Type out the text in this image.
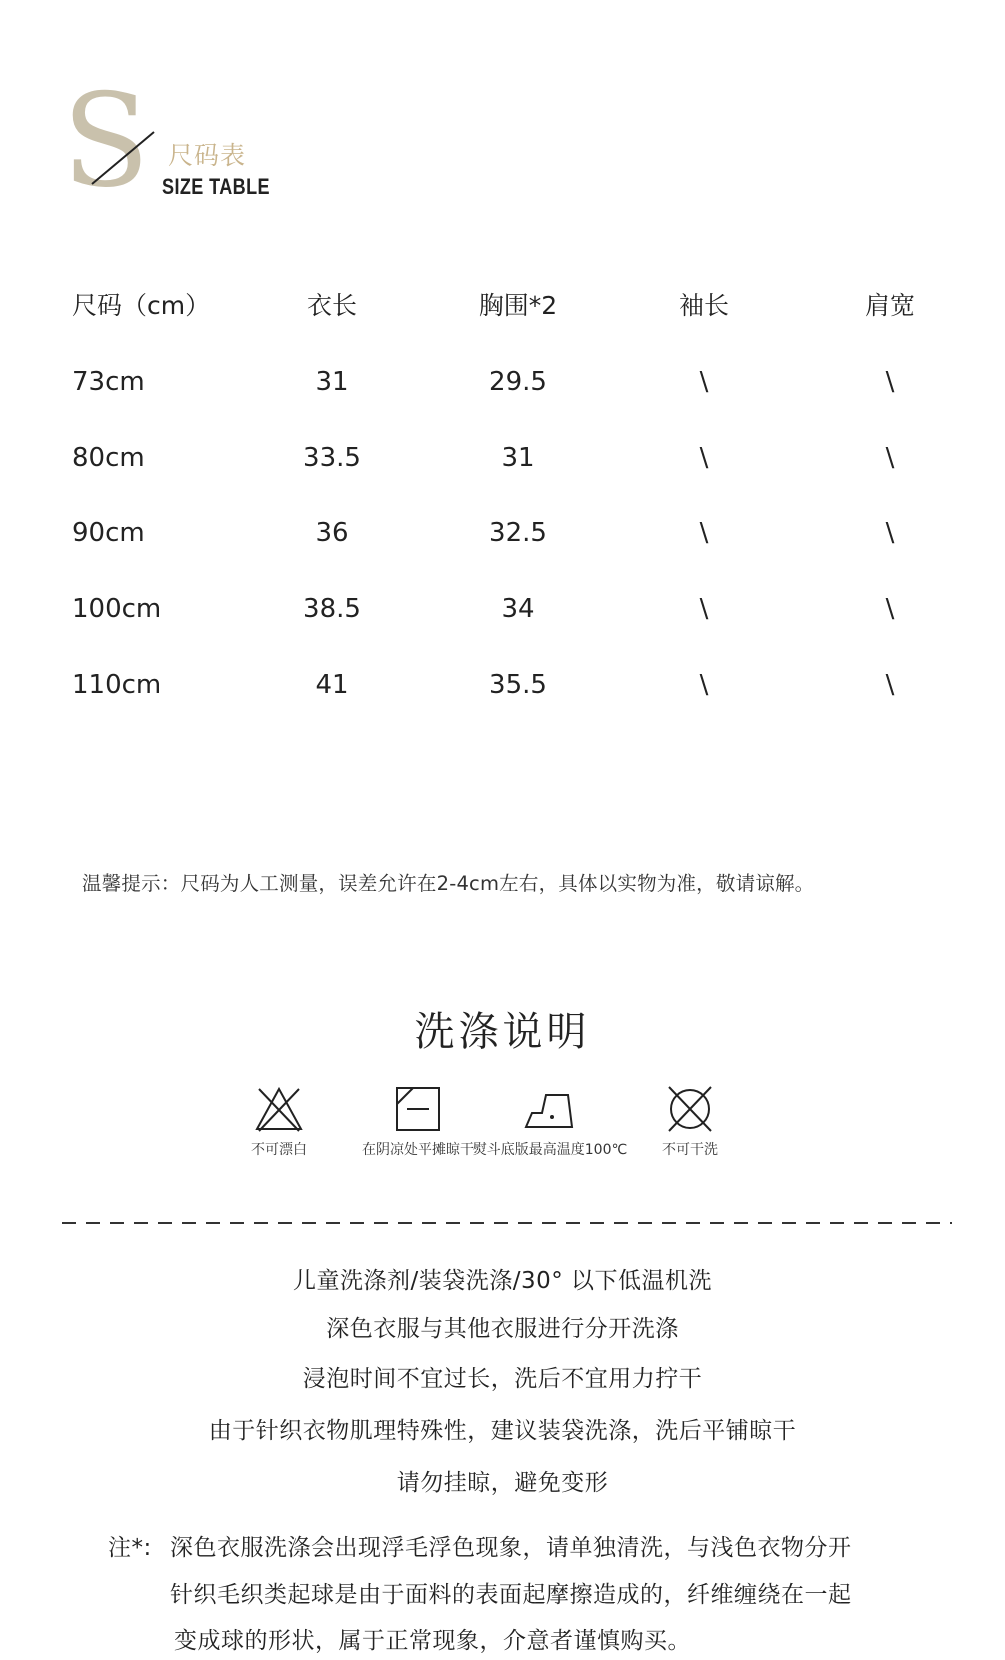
S 尺码表
SIZE TABLE
尺码（cm）	衣长	胸围*2	袖长	肩宽
73cm	31	29.5	\	\
80cm	33.5	31	\	\
90cm	36	32.5	\	\
100cm	38.5	34	\	\
110cm	41	35.5	\	\
温馨提示：尺码为人工测量，误差允许在2-4cm左右，具体以实物为准，敬请谅解。
洗涤说明
不可漂白	在阴凉处平摊晾干
熨斗底版最高温度100℃	不可干洗
儿童洗涤剂/装袋洗涤/30° 以下低温机洗
深色衣服与其他衣服进行分开洗涤
浸泡时间不宜过长，洗后不宜用力拧干
由于针织衣物肌理特殊性，建议装袋洗涤，洗后平铺晾干
请勿挂晾，避免变形
注*: 深色衣服洗涤会出现浮毛浮色现象，请单独清洗，与浅色衣物分开
针织毛织类起球是由于面料的表面起摩擦造成的，纤维缠绕在一起
变成球的形状，属于正常现象，介意者谨慎购买。
